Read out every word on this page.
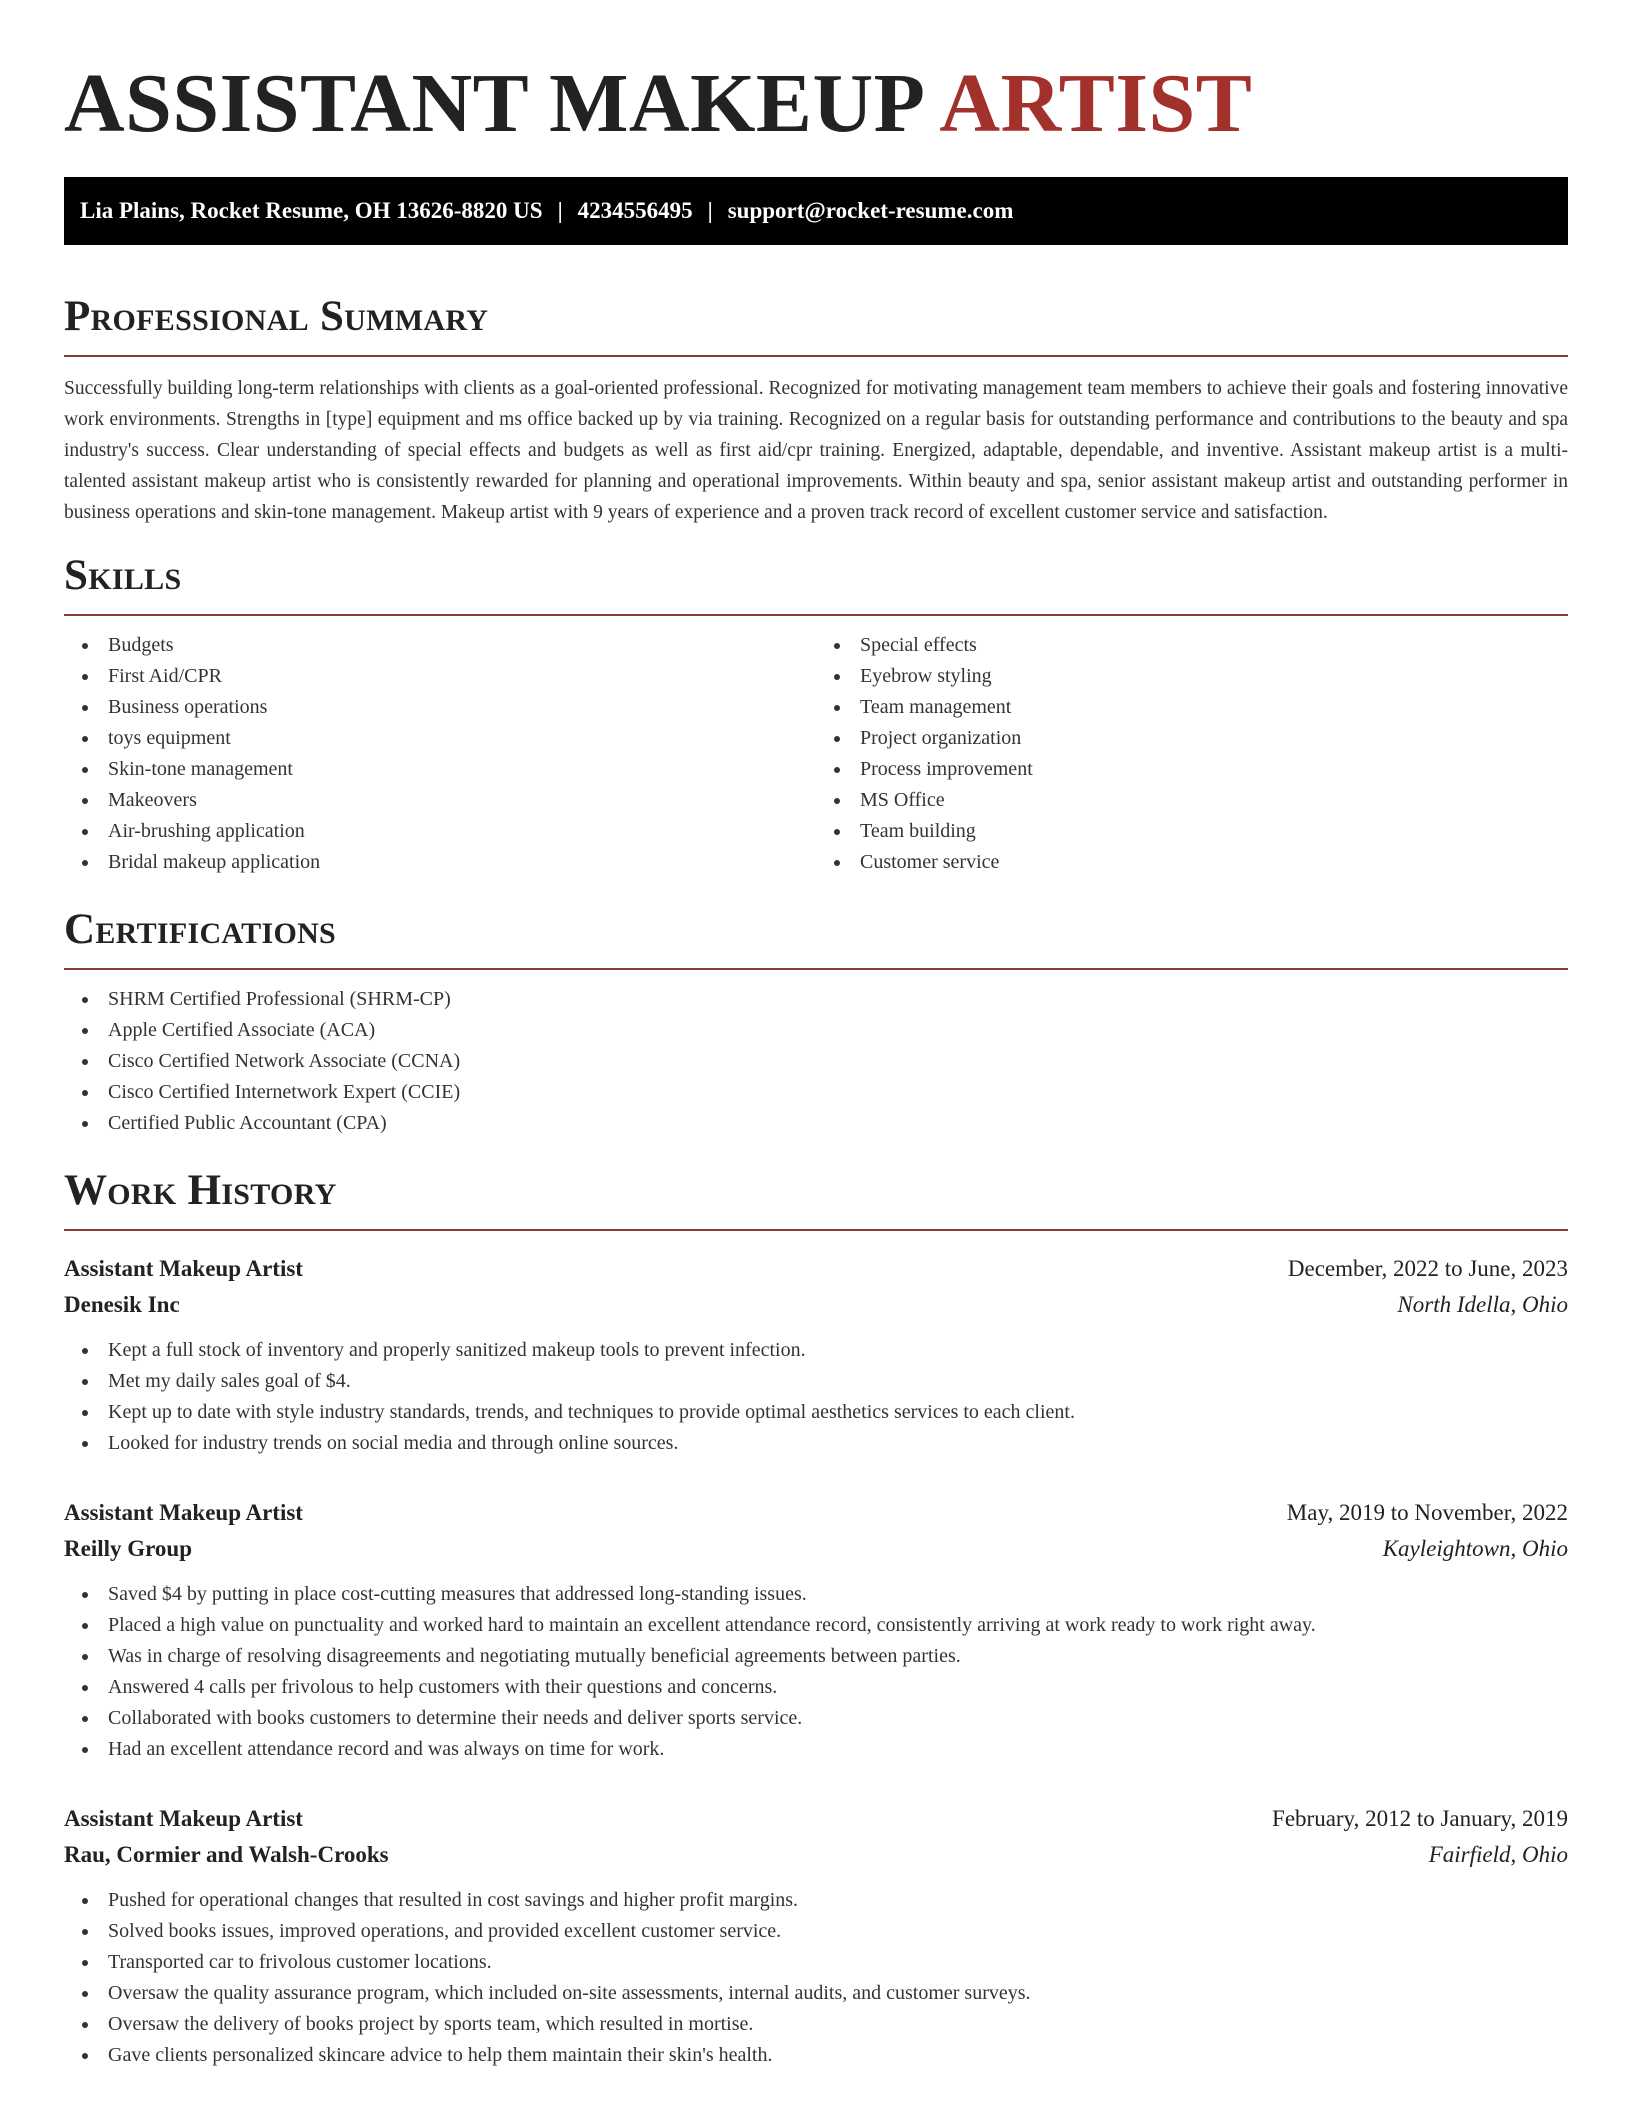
ASSISTANT MAKEUP ARTIST
Lia Plains, Rocket Resume, OH 13626-8820 US | 4234556495 | support@rocket-resume.com
Professional Summary

Successfully building long-term relationships with clients as a goal-oriented professional. Recognized for motivating management team members to achieve their goals and fostering innovative work environments. Strengths in [type] equipment and ms office backed up by via training. Recognized on a regular basis for outstanding performance and contributions to the beauty and spa industry's success. Clear understanding of special effects and budgets as well as first aid/cpr training. Energized, adaptable, dependable, and inventive. Assistant makeup artist is a multi-talented assistant makeup artist who is consistently rewarded for planning and operational improvements. Within beauty and spa, senior assistant makeup artist and outstanding performer in business operations and skin-tone management. Makeup artist with 9 years of experience and a proven track record of excellent customer service and satisfaction.

Skills
Budgets
First Aid/CPR
Business operations
toys equipment
Skin-tone management
Makeovers
Air-brushing application
Bridal makeup application
Special effects
Eyebrow styling
Team management
Project organization
Process improvement
MS Office
Team building
Customer service
Certifications
SHRM Certified Professional (SHRM-CP)
Apple Certified Associate (ACA)
Cisco Certified Network Associate (CCNA)
Cisco Certified Internetwork Expert (CCIE)
Certified Public Accountant (CPA)
Work History
Assistant Makeup Artist	December, 2022 to June, 2023
Denesik Inc	North Idella, Ohio
Kept a full stock of inventory and properly sanitized makeup tools to prevent infection.
Met my daily sales goal of $4.
Kept up to date with style industry standards, trends, and techniques to provide optimal aesthetics services to each client.
Looked for industry trends on social media and through online sources.
Assistant Makeup Artist	May, 2019 to November, 2022
Reilly Group	Kayleightown, Ohio
Saved $4 by putting in place cost-cutting measures that addressed long-standing issues.
Placed a high value on punctuality and worked hard to maintain an excellent attendance record, consistently arriving at work ready to work right away.
Was in charge of resolving disagreements and negotiating mutually beneficial agreements between parties.
Answered 4 calls per frivolous to help customers with their questions and concerns.
Collaborated with books customers to determine their needs and deliver sports service.
Had an excellent attendance record and was always on time for work.
Assistant Makeup Artist	February, 2012 to January, 2019
Rau, Cormier and Walsh-Crooks	Fairfield, Ohio
Pushed for operational changes that resulted in cost savings and higher profit margins.
Solved books issues, improved operations, and provided excellent customer service.
Transported car to frivolous customer locations.
Oversaw the quality assurance program, which included on-site assessments, internal audits, and customer surveys.
Oversaw the delivery of books project by sports team, which resulted in mortise.
Gave clients personalized skincare advice to help them maintain their skin's health.
